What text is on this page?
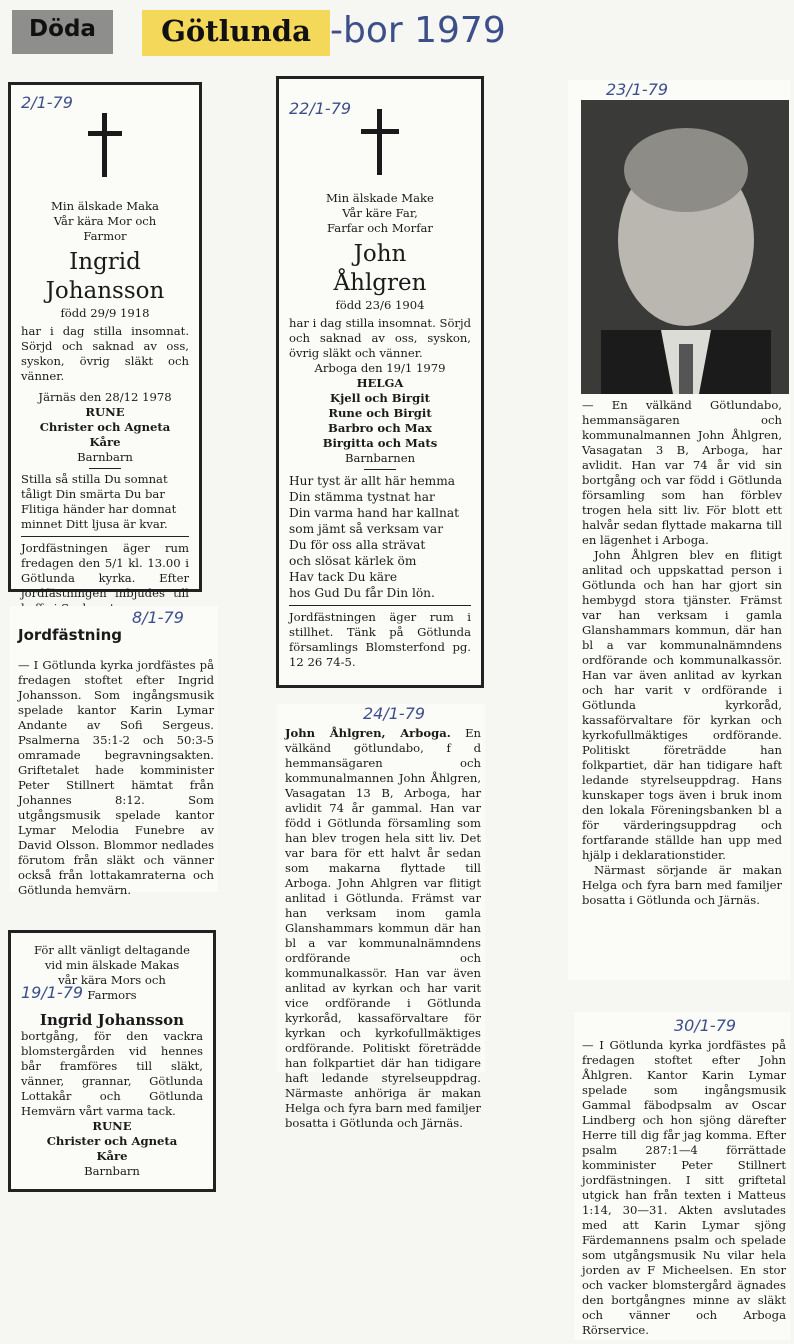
Döda	Götlunda -bor 1979
2/1-79
Min älskade Maka
Vår kära Mor och
Farmor
Ingrid
Johansson
född 29/9 1918

har i dag stilla insomnat. Sörjd och saknad av oss, syskon, övrig släkt och vänner.

Järnäs den 28/12 1978
RUNE
Christer och Agneta
Kåre
Barnbarn
Stilla så stilla Du somnat
tåligt Din smärta Du bar
Flitiga händer har domnat
minnet Ditt ljusa är kvar.

Jordfästningen äger rum fredagen den 5/1 kl. 13.00 i Götlunda kyrka. Efter jordfästningen inbjudes till

22/1-79
Min älskade Make
Vår käre Far,
Farfar och Morfar
John
Åhlgren
född 23/6 1904

har i dag stilla insomnat. Sörjd och saknad av oss, syskon, övrig släkt och vänner.

Arboga den 19/1 1979
HELGA
Kjell och Birgit
Rune och Birgit
Barbro och Max
Birgitta och Mats
Barnbarnen
Hur tyst är allt här hemma
Din stämma tystnat har
Din varma hand har kallnat
som jämt så verksam var
Du för oss alla strävat
och slösat kärlek öm
Hav tack Du käre
hos Gud Du får Din lön.

Jordfästningen äger rum i stillhet. Tänk på Götlunda församlings Blomsterfond pg. 12 26 74-5.

23/1-79

— En välkänd Götlundabo, hemmansägaren och kommunalmannen John Åhlgren, Vasagatan 3 B, Arboga, har avlidit. Han var 74 år vid sin bortgång och var född i Götlunda församling som han förblev trogen hela sitt liv. För blott ett halvår sedan flyttade makarna till en lägenhet i Arboga.

John Åhlgren blev en flitigt anlitad och uppskattad person i Götlunda och han har gjort sin hembygd stora tjänster. Främst var han verksam i gamla Glanshammars kommun, där han bl a var kommunalnämndens ordförande och kommunalkassör. Han var även anlitad av kyrkan och har varit v ordförande i Götlunda kyrkoråd, kassaförvaltare för kyrkan och kyrkofullmäktiges ordförande. Politiskt företrädde han folkpartiet, där han tidigare haft ledande styrelseuppdrag. Hans kunskaper togs även i bruk inom den lokala Föreningsbanken bl a för värderingsuppdrag och fortfarande ställde han upp med hjälp i deklarationstider.

Närmast sörjande är makan Helga och fyra barn med familjer bosatta i Götlunda och Järnäs.

8/1-79
Jordfästning

— I Götlunda kyrka jordfästes på fredagen stoftet efter Ingrid Johansson. Som ingångsmusik spelade kantor Karin Lymar Andante av Sofi Sergeus. Psalmerna 35:1-2 och 50:3-5 omramade begravningsakten. Griftetalet hade komminister Peter Stillnert hämtat från Johannes 8:12. Som utgångsmusik spelade kantor Lymar Melodia Funebre av David Olsson. Blommor nedlades förutom från släkt och vänner också från lottakamraterna och Götlunda hemvärn.

24/1-79
John Åhlgren, Arboga. En välkänd götlundabo, f d hemmansägaren och kommunalmannen John Åhlgren, Vasagatan 13 B, Arboga, har avlidit 74 år gammal. Han var född i Götlunda församling som han blev trogen hela sitt liv. Det var bara för ett halvt år sedan som makarna flyttade till Arboga. John Ahlgren var flitigt anlitad i Götlunda. Främst var han verksam inom gamla Glanshammars kommun där han bl a var kommunalnämndens ordförande och kommunalkassör. Han var även anlitad av kyrkan och har varit vice ordförande i Götlunda kyrkoråd, kassaförvaltare för kyrkan och kyrkofullmäktiges ordförande. Politiskt företrädde han folkpartiet där han tidigare haft ledande styrelseuppdrag. Närmaste anhöriga är makan Helga och fyra barn med familjer bosatta i Götlunda och Järnäs.
19/1-79
För allt vänligt deltagande
vid min älskade Makas
vår kära Mors och
Farmors
Ingrid Johansson

bortgång, för den vackra blomstergården vid hennes bår framföres till släkt, vänner, grannar, Götlunda Lottakår och Götlunda Hemvärn vårt varma tack.

RUNE
Christer och Agneta
Kåre
Barnbarn
30/1-79

— I Götlunda kyrka jordfästes på fredagen stoftet efter John Åhlgren. Kantor Karin Lymar spelade som ingångsmusik Gammal fäbodpsalm av Oscar Lindberg och hon sjöng därefter Herre till dig får jag komma. Efter psalm 287:1—4 förrättade komminister Peter Stillnert jordfästningen. I sitt griftetal utgick han från texten i Matteus 1:14, 30—31. Akten avslutades med att Karin Lymar sjöng Färdemannens psalm och spelade som utgångsmusik Nu vilar hela jorden av F Micheelsen. En stor och vacker blomstergård ägnades den bortgångnes minne av släkt och vänner och Arboga Rörservice.
